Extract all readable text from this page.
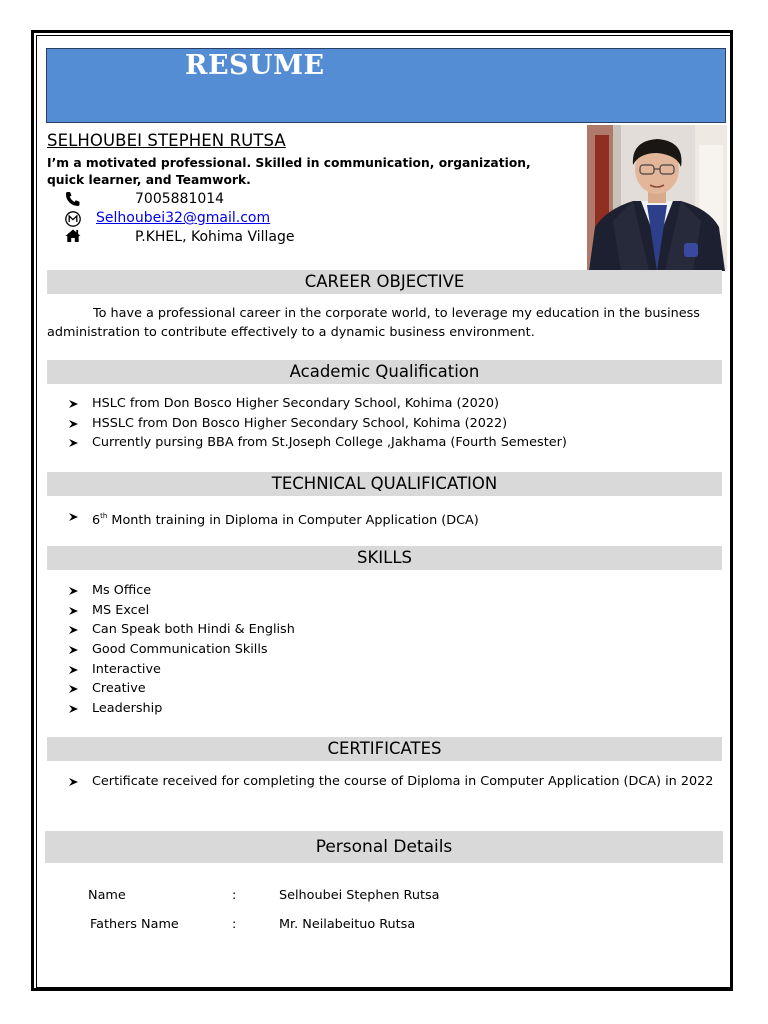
RESUME
SELHOUBEI STEPHEN RUTSA
I’m a motivated professional. Skilled in communication, organization, quick learner, and Teamwork.
7005881014
Selhoubei32@gmail.com
P.KHEL, Kohima Village
CAREER OBJECTIVE
To have a professional career in the corporate world, to leverage my education in the business administration to contribute effectively to a dynamic business environment.
Academic Qualification
HSLC from Don Bosco Higher Secondary School, Kohima (2020)
HSSLC from Don Bosco Higher Secondary School, Kohima (2022)
Currently pursing BBA from St.Joseph College ,Jakhama (Fourth Semester)
TECHNICAL QUALIFICATION
6th Month training in Diploma in Computer Application (DCA)
SKILLS
Ms Office
MS Excel
Can Speak both Hindi & English
Good Communication Skills
Interactive
Creative
Leadership
CERTIFICATES
Certificate received for completing the course of Diploma in Computer Application (DCA) in 2022
Personal Details
Name	:	Selhoubei Stephen Rutsa
Fathers Name	:	Mr. Neilabeituo Rutsa
